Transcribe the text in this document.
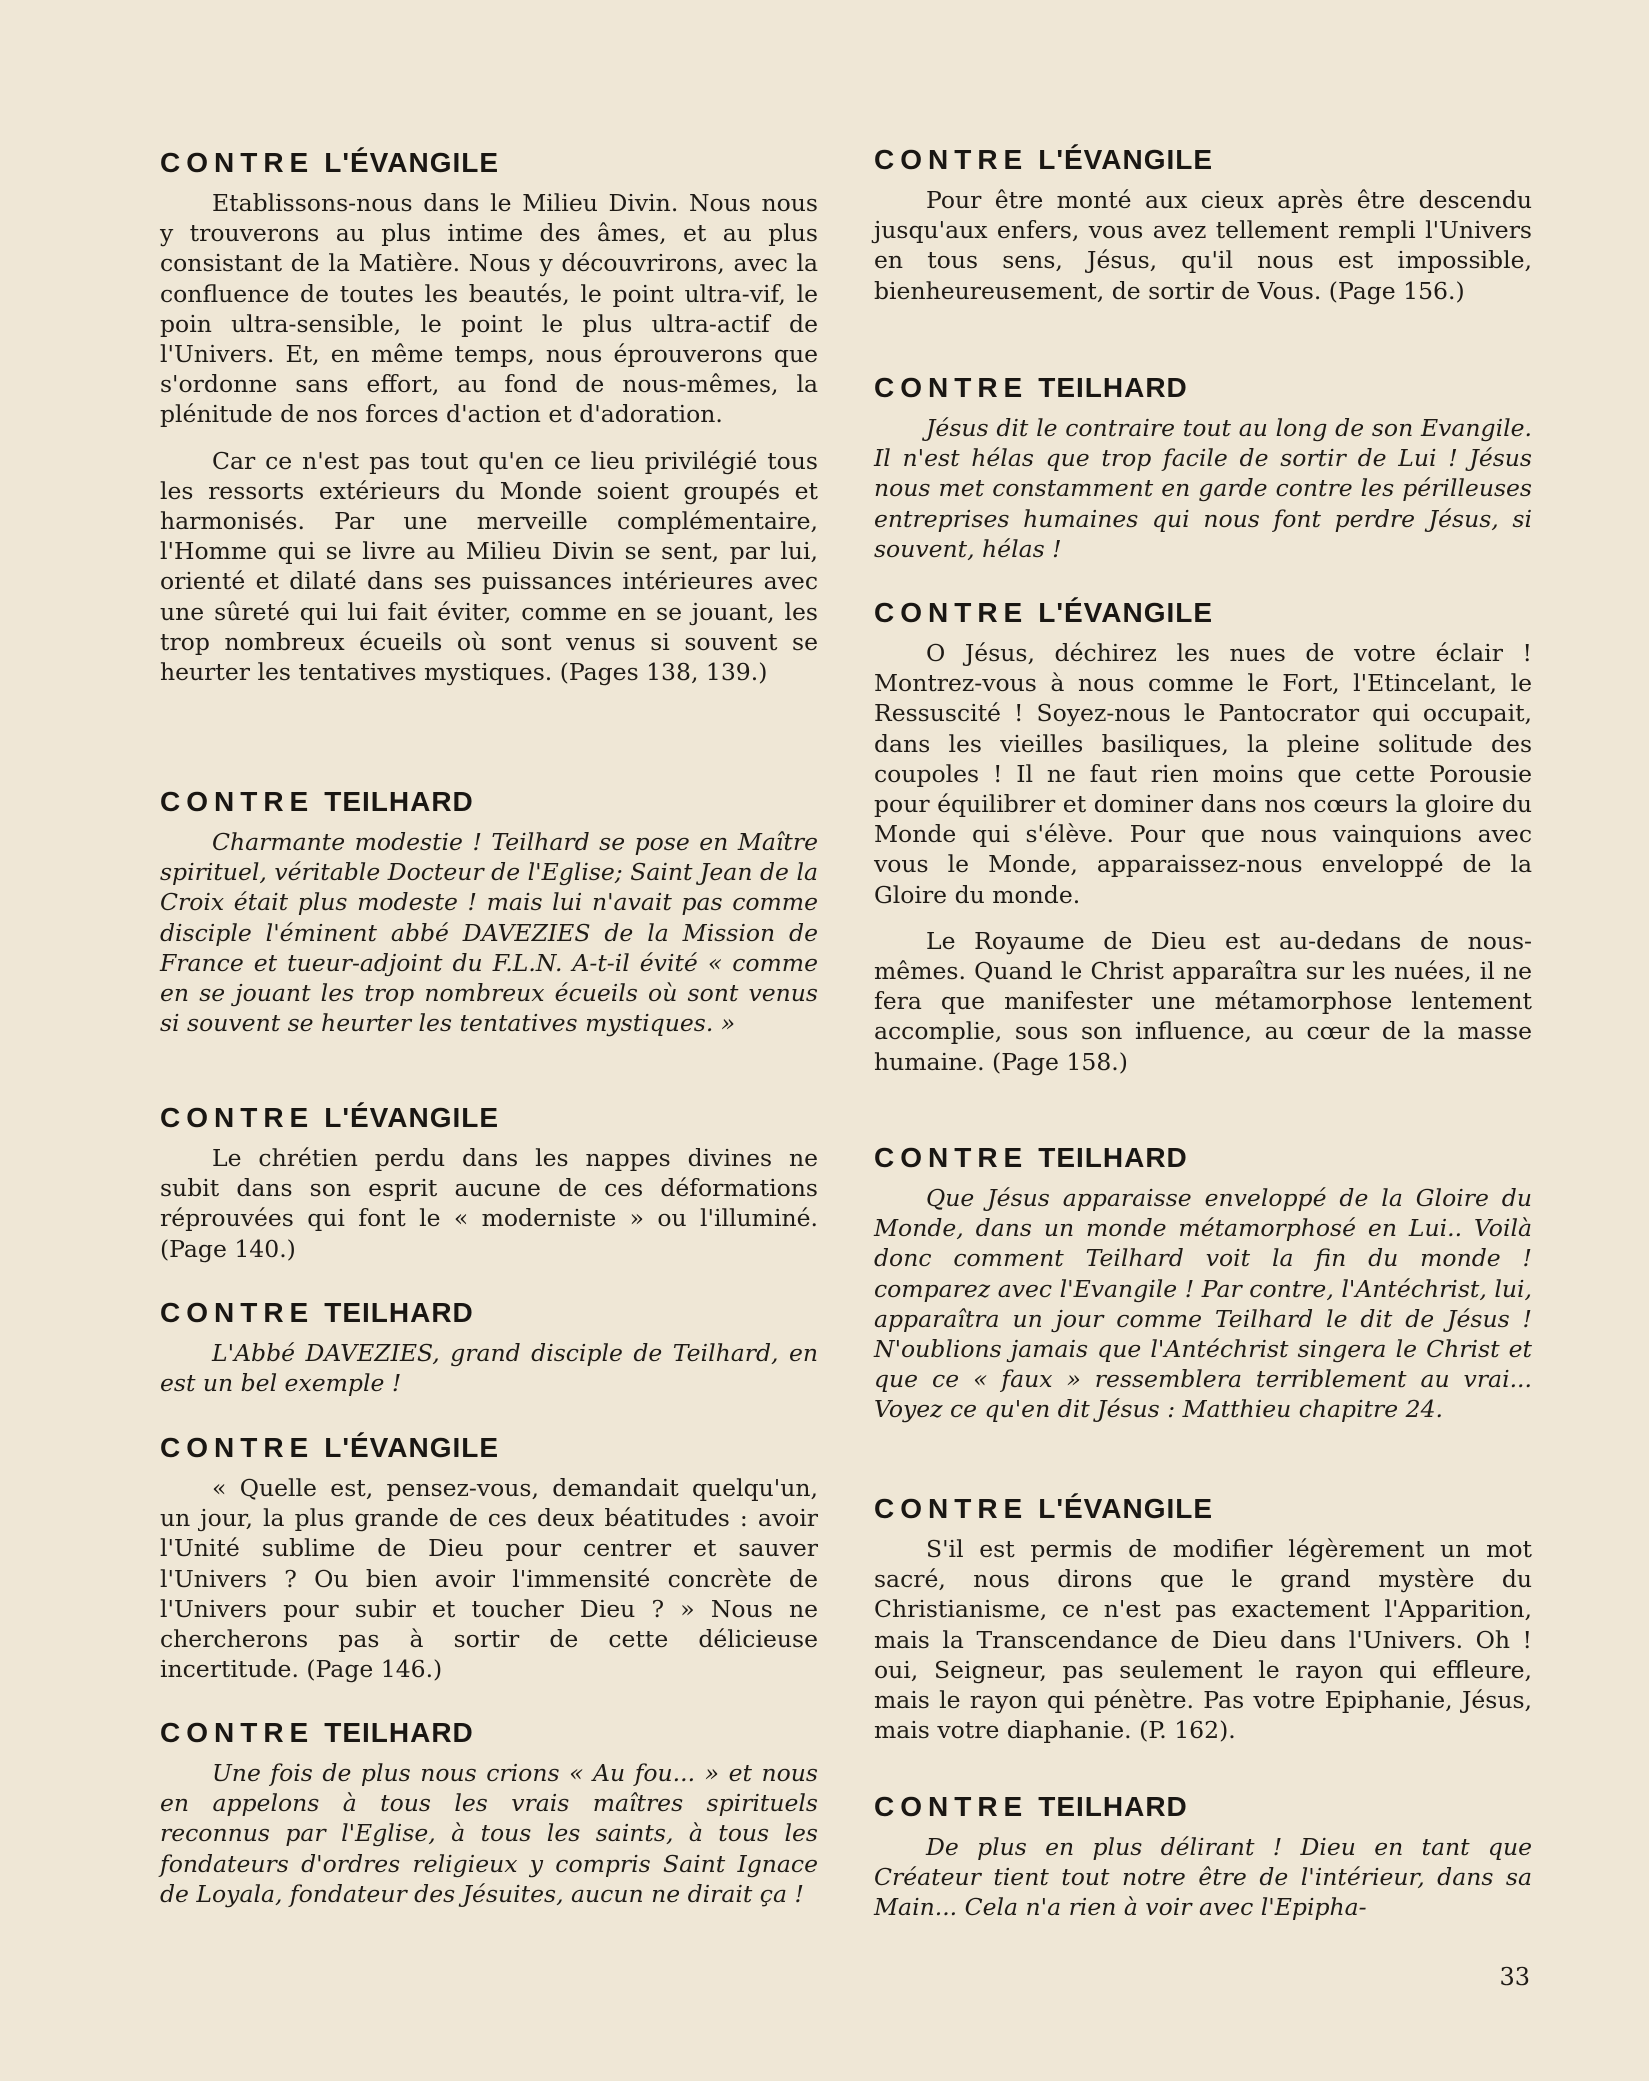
CONTRE L'ÉVANGILE

Etablissons-nous dans le Milieu Divin. Nous nous y trouverons au plus intime des âmes, et au plus consistant de la Matière. Nous y découvrirons, avec la confluence de toutes les beautés, le point ultra-vif, le poin ultra-sensible, le point le plus ultra-actif de l'Univers. Et, en même temps, nous éprouverons que s'ordonne sans effort, au fond de nous-mêmes, la plénitude de nos forces d'action et d'adoration.

Car ce n'est pas tout qu'en ce lieu privilégié tous les ressorts extérieurs du Monde soient groupés et harmonisés. Par une merveille complémentaire, l'Homme qui se livre au Milieu Divin se sent, par lui, orienté et dilaté dans ses puissances intérieures avec une sûreté qui lui fait éviter, comme en se jouant, les trop nombreux écueils où sont venus si souvent se heurter les tentatives mystiques. (Pages 138, 139.)

CONTRE TEILHARD

Charmante modestie ! Teilhard se pose en Maître spirituel, véritable Docteur de l'Eglise; Saint Jean de la Croix était plus modeste ! mais lui n'avait pas comme disciple l'éminent abbé DAVEZIES de la Mission de France et tueur-adjoint du F.L.N. A-t-il évité « comme en se jouant les trop nombreux écueils où sont venus si souvent se heurter les tentatives mystiques. »

CONTRE L'ÉVANGILE

Le chrétien perdu dans les nappes divines ne subit dans son esprit aucune de ces déformations réprouvées qui font le « moderniste » ou l'illuminé. (Page 140.)

CONTRE TEILHARD

L'Abbé DAVEZIES, grand disciple de Teilhard, en est un bel exemple !

CONTRE L'ÉVANGILE

« Quelle est, pensez-vous, demandait quelqu'un, un jour, la plus grande de ces deux béatitudes : avoir l'Unité sublime de Dieu pour centrer et sauver l'Univers ? Ou bien avoir l'immensité concrète de l'Univers pour subir et toucher Dieu ? » Nous ne chercherons pas à sortir de cette délicieuse incertitude. (Page 146.)

CONTRE TEILHARD

Une fois de plus nous crions « Au fou... » et nous en appelons à tous les vrais maîtres spirituels reconnus par l'Eglise, à tous les saints, à tous les fondateurs d'ordres religieux y compris Saint Ignace de Loyala, fondateur des Jésuites, aucun ne dirait ça !

CONTRE L'ÉVANGILE

Pour être monté aux cieux après être descendu jusqu'aux enfers, vous avez tellement rempli l'Univers en tous sens, Jésus, qu'il nous est impossible, bienheureusement, de sortir de Vous. (Page 156.)

CONTRE TEILHARD

Jésus dit le contraire tout au long de son Evangile. Il n'est hélas que trop facile de sortir de Lui ! Jésus nous met constamment en garde contre les périlleuses entreprises humaines qui nous font perdre Jésus, si souvent, hélas !

CONTRE L'ÉVANGILE

O Jésus, déchirez les nues de votre éclair ! Montrez-vous à nous comme le Fort, l'Etincelant, le Ressuscité ! Soyez-nous le Pantocrator qui occupait, dans les vieilles basiliques, la pleine solitude des coupoles ! Il ne faut rien moins que cette Porousie pour équilibrer et dominer dans nos cœurs la gloire du Monde qui s'élève. Pour que nous vainquions avec vous le Monde, apparaissez-nous enveloppé de la Gloire du monde.

Le Royaume de Dieu est au-dedans de nous-mêmes. Quand le Christ apparaîtra sur les nuées, il ne fera que manifester une métamorphose lentement accomplie, sous son influence, au cœur de la masse humaine. (Page 158.)

CONTRE TEILHARD

Que Jésus apparaisse enveloppé de la Gloire du Monde, dans un monde métamorphosé en Lui.. Voilà donc comment Teilhard voit la fin du monde ! comparez avec l'Evangile ! Par contre, l'Antéchrist, lui, apparaîtra un jour comme Teilhard le dit de Jésus ! N'oublions jamais que l'Antéchrist singera le Christ et que ce « faux » ressemblera terriblement au vrai... Voyez ce qu'en dit Jésus : Matthieu chapitre 24.

CONTRE L'ÉVANGILE

S'il est permis de modifier légèrement un mot sacré, nous dirons que le grand mystère du Christianisme, ce n'est pas exactement l'Apparition, mais la Transcendance de Dieu dans l'Univers. Oh ! oui, Seigneur, pas seulement le rayon qui effleure, mais le rayon qui pénètre. Pas votre Epiphanie, Jésus, mais votre diaphanie. (P. 162).

CONTRE TEILHARD

De plus en plus délirant ! Dieu en tant que Créateur tient tout notre être de l'intérieur, dans sa Main... Cela n'a rien à voir avec l'Epipha-

33
